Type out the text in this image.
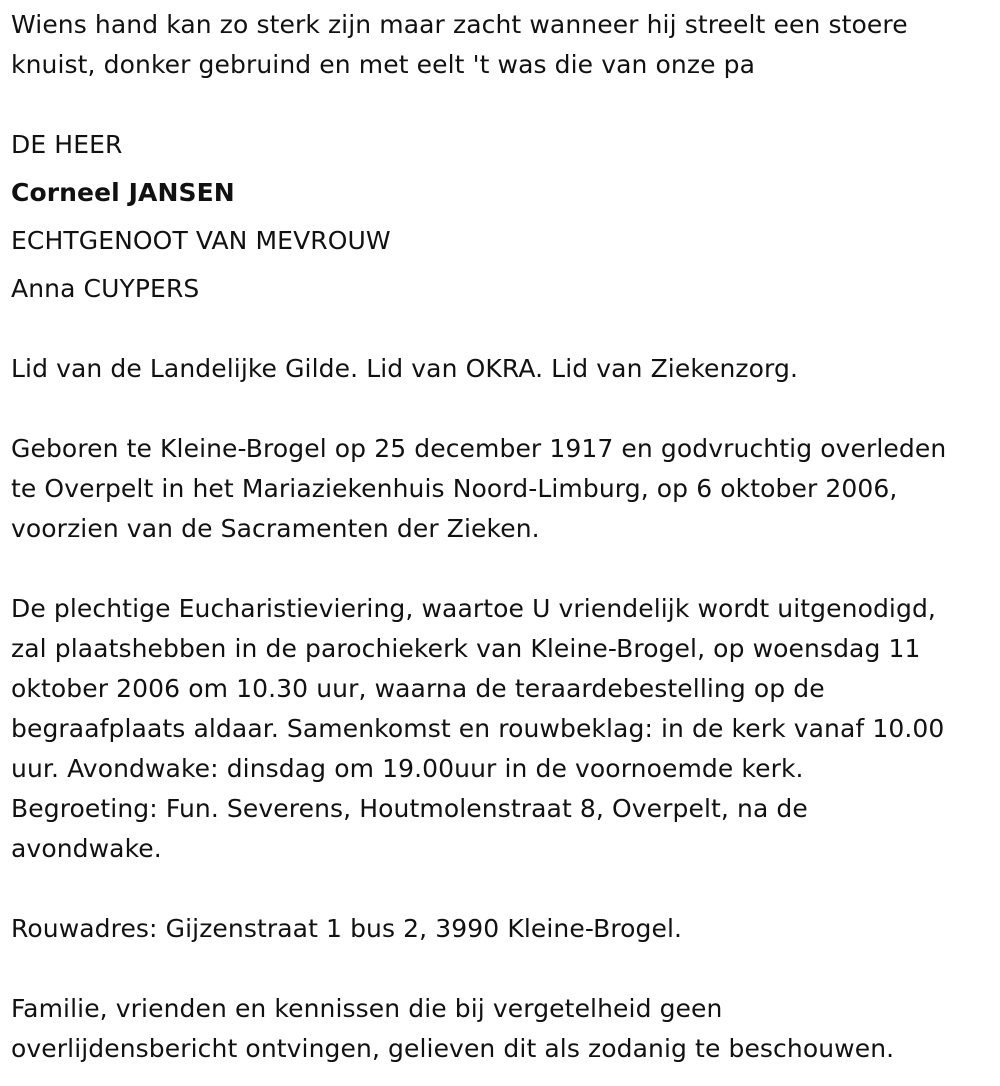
Wiens hand kan zo sterk zijn maar zacht wanneer hij streelt een stoere
knuist, donker gebruind en met eelt 't was die van onze pa
DE HEER
Corneel JANSEN
ECHTGENOOT VAN MEVROUW
Anna CUYPERS
Lid van de Landelijke Gilde. Lid van OKRA. Lid van Ziekenzorg.
Geboren te Kleine-Brogel op 25 december 1917 en godvruchtig overleden
te Overpelt in het Mariaziekenhuis Noord-Limburg, op 6 oktober 2006,
voorzien van de Sacramenten der Zieken.
De plechtige Eucharistieviering, waartoe U vriendelijk wordt uitgenodigd,
zal plaatshebben in de parochiekerk van Kleine-Brogel, op woensdag 11
oktober 2006 om 10.30 uur, waarna de teraardebestelling op de
begraafplaats aldaar. Samenkomst en rouwbeklag: in de kerk vanaf 10.00
uur. Avondwake: dinsdag om 19.00uur in de voornoemde kerk.
Begroeting: Fun. Severens, Houtmolenstraat 8, Overpelt, na de
avondwake.
Rouwadres: Gijzenstraat 1 bus 2, 3990 Kleine-Brogel.
Familie, vrienden en kennissen die bij vergetelheid geen
overlijdensbericht ontvingen, gelieven dit als zodanig te beschouwen.
